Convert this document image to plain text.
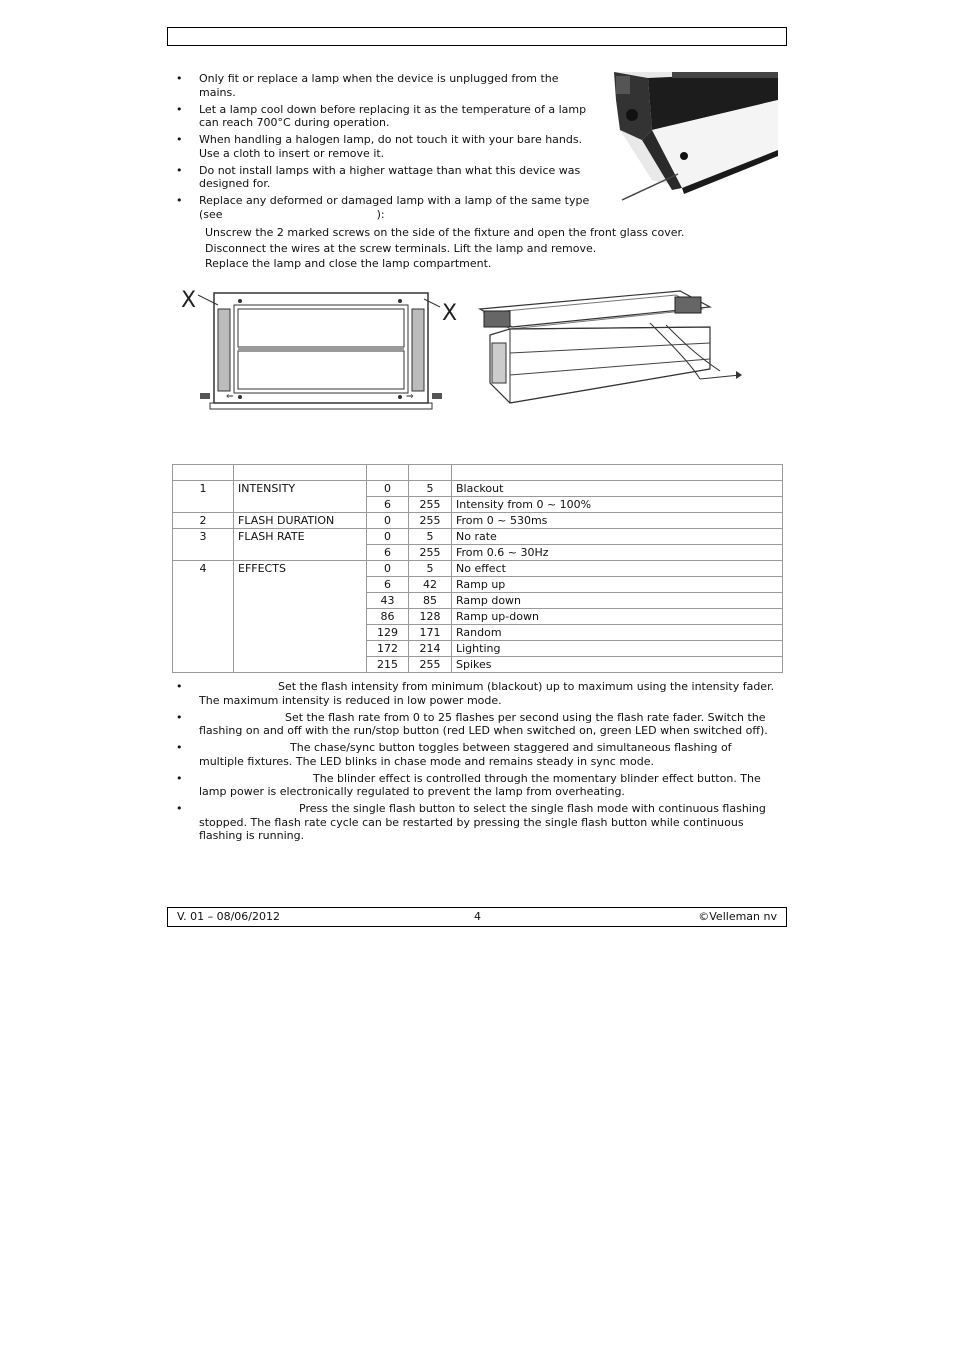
• Only fit or replace a lamp when the device is unplugged from the mains.
• Let a lamp cool down before replacing it as the temperature of a lamp can reach 700°C during operation.
• When handling a halogen lamp, do not touch it with your bare hands. Use a cloth to insert or remove it.
• Do not install lamps with a higher wattage than what this device was designed for.
• Replace any deformed or damaged lamp with a lamp of the same type (see	):
Unscrew the 2 marked screws on the side of the fixture and open the front glass cover.
Disconnect the wires at the screw terminals. Lift the lamp and remove.
Replace the lamp and close the lamp compartment.
X
X
⇐	⇒

1	INTENSITY	0	5	Blackout
		6	255	Intensity from 0 ~ 100%
2	FLASH DURATION	0	255	From 0 ~ 530ms
3	FLASH RATE	0	5	No rate
		6	255	From 0.6 ~ 30Hz
4	EFFECTS	0	5	No effect
		6	42	Ramp up
		43	85	Ramp down
		86	128	Ramp up-down
		129	171	Random
		172	214	Lighting
		215	255	Spikes
• Set the flash intensity from minimum (blackout) up to maximum using the intensity fader. The maximum intensity is reduced in low power mode.
• Set the flash rate from 0 to 25 flashes per second using the flash rate fader. Switch the flashing on and off with the run/stop button (red LED when switched on, green LED when switched off).
• The chase/sync button toggles between staggered and simultaneous flashing of multiple fixtures. The LED blinks in chase mode and remains steady in sync mode.
• The blinder effect is controlled through the momentary blinder effect button. The lamp power is electronically regulated to prevent the lamp from overheating.
• Press the single flash button to select the single flash mode with continuous flashing stopped. The flash rate cycle can be restarted by pressing the single flash button while continuous flashing is running.
V. 01 – 08/06/2012	4	©Velleman nv
